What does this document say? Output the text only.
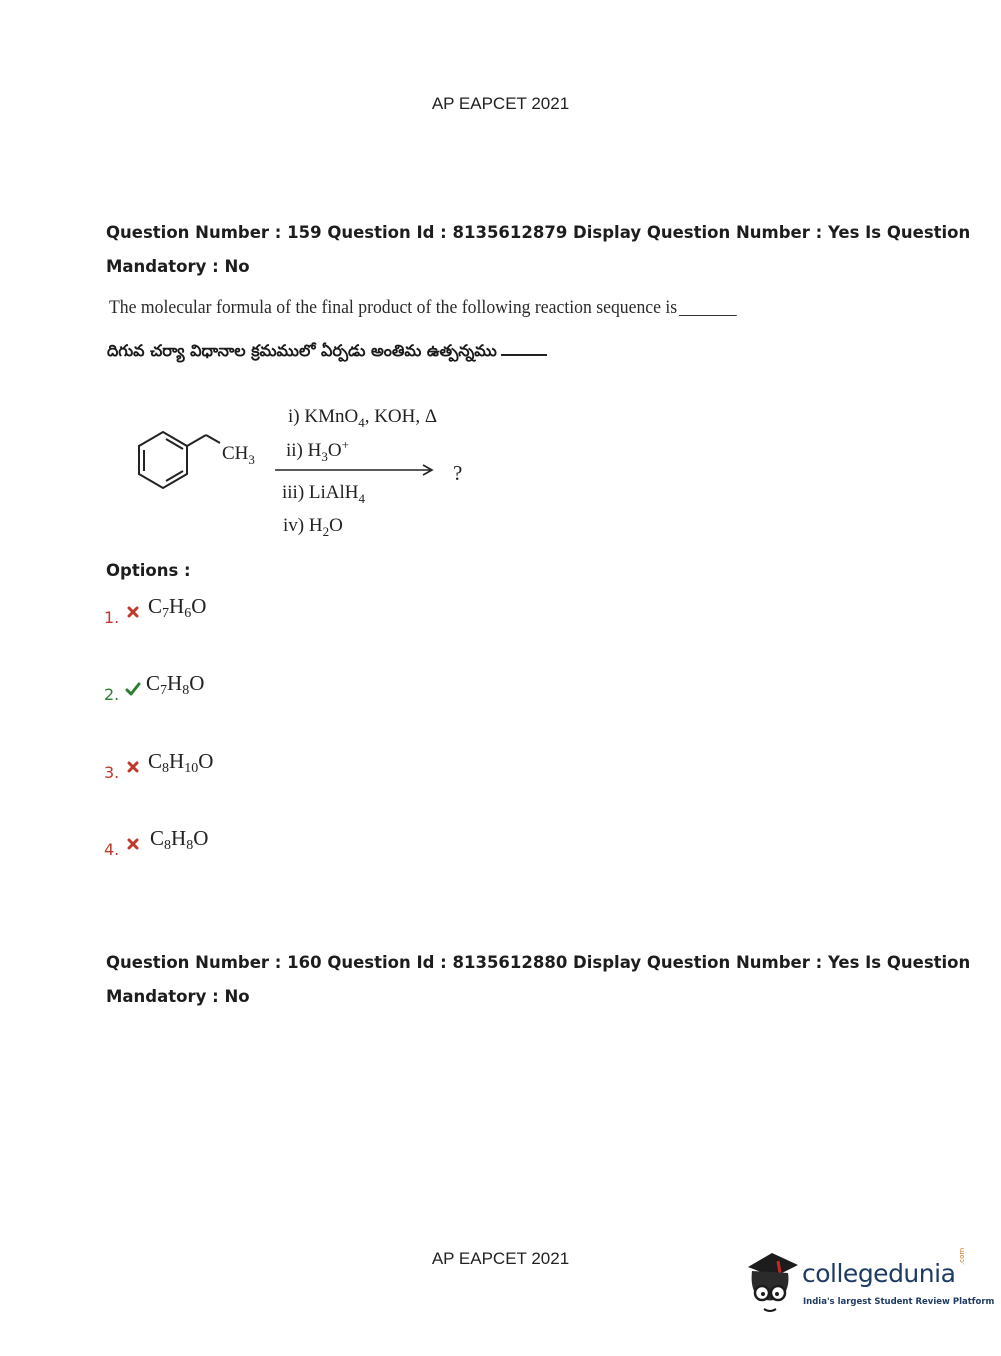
AP EAPCET 2021
Question Number : 159 Question Id : 8135612879 Display Question Number : Yes Is Question
Mandatory : No
The molecular formula of the final product of the following reaction sequence is
దిగువ చర్యా విధానాల క్రమములో ఏర్పడు అంతిమ ఉత్పన్నము
$CH_3$
i) KMnO$_4$, KOH, Δ
ii) $H_3O^+$
?
iii) LiAlH$_4$
iv) $H_2O$
Options :
1. $C_7H_6O$
2. $C_7H_8O$
3. $C_8H_{10}O$
4. $C_8H_8O$
Question Number : 160 Question Id : 8135612880 Display Question Number : Yes Is Question
Mandatory : No
AP EAPCET 2021
collegedunia
.com
India's largest Student Review Platform
